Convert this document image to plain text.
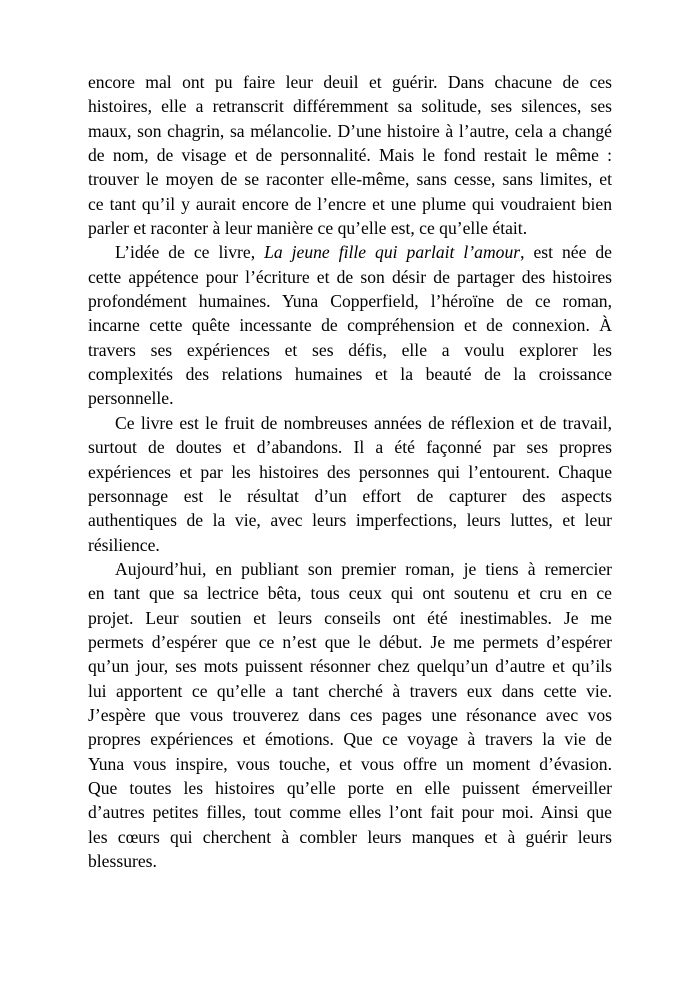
encore mal ont pu faire leur deuil et guérir. Dans chacune de ces
histoires, elle a retranscrit différemment sa solitude, ses silences, ses
maux, son chagrin, sa mélancolie. D’une histoire à l’autre, cela a changé
de nom, de visage et de personnalité. Mais le fond restait le même :
trouver le moyen de se raconter elle-même, sans cesse, sans limites, et
ce tant qu’il y aurait encore de l’encre et une plume qui voudraient bien
parler et raconter à leur manière ce qu’elle est, ce qu’elle était.
L’idée de ce livre, La jeune fille qui parlait l’amour, est née de
cette appétence pour l’écriture et de son désir de partager des histoires
profondément humaines. Yuna Copperfield, l’héroïne de ce roman,
incarne cette quête incessante de compréhension et de connexion. À
travers ses expériences et ses défis, elle a voulu explorer les
complexités des relations humaines et la beauté de la croissance
personnelle.
Ce livre est le fruit de nombreuses années de réflexion et de travail,
surtout de doutes et d’abandons. Il a été façonné par ses propres
expériences et par les histoires des personnes qui l’entourent. Chaque
personnage est le résultat d’un effort de capturer des aspects
authentiques de la vie, avec leurs imperfections, leurs luttes, et leur
résilience.
Aujourd’hui, en publiant son premier roman, je tiens à remercier
en tant que sa lectrice bêta, tous ceux qui ont soutenu et cru en ce
projet. Leur soutien et leurs conseils ont été inestimables. Je me
permets d’espérer que ce n’est que le début. Je me permets d’espérer
qu’un jour, ses mots puissent résonner chez quelqu’un d’autre et qu’ils
lui apportent ce qu’elle a tant cherché à travers eux dans cette vie.
J’espère que vous trouverez dans ces pages une résonance avec vos
propres expériences et émotions. Que ce voyage à travers la vie de
Yuna vous inspire, vous touche, et vous offre un moment d’évasion.
Que toutes les histoires qu’elle porte en elle puissent émerveiller
d’autres petites filles, tout comme elles l’ont fait pour moi. Ainsi que
les cœurs qui cherchent à combler leurs manques et à guérir leurs
blessures.
